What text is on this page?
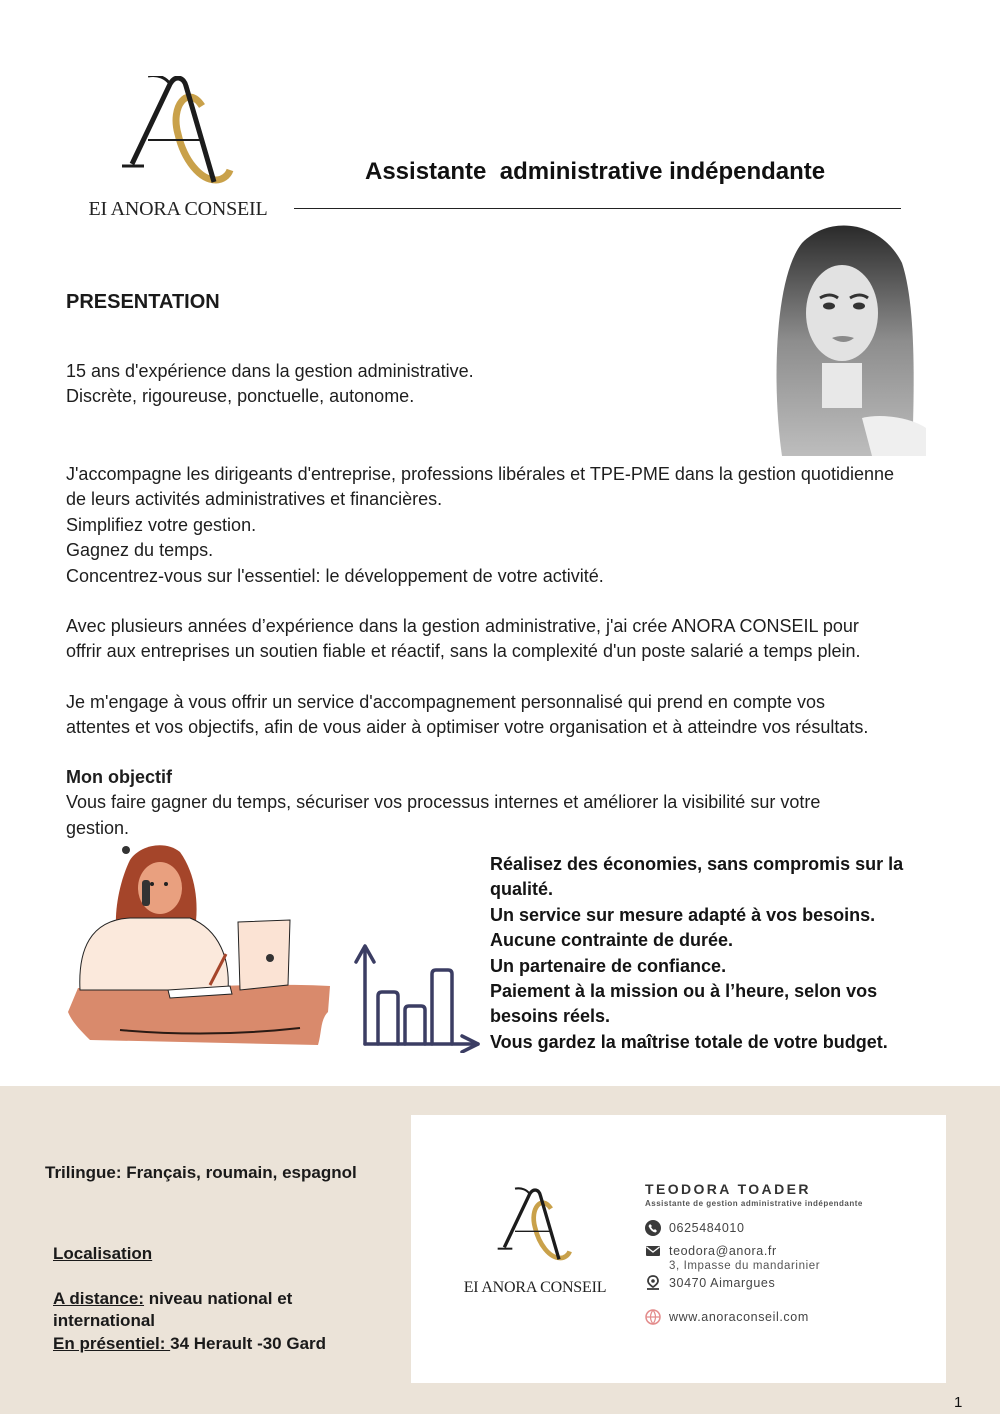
EI ANORA CONSEIL
Assistante  administrative indépendante
PRESENTATION
15 ans d'expérience dans la gestion administrative.
Discrète, rigoureuse, ponctuelle, autonome.
J'accompagne les dirigeants d'entreprise, professions libérales et TPE-PME dans la gestion quotidienne
de leurs activités administratives et financières.
Simplifiez votre gestion.
Gagnez du temps.
Concentrez-vous sur l'essentiel: le développement de votre activité.
Avec plusieurs années d’expérience dans la gestion administrative, j'ai crée ANORA CONSEIL pour
offrir aux entreprises un soutien fiable et réactif, sans la complexité d'un poste salarié a temps plein.
Je m'engage à vous offrir un service d'accompagnement personnalisé qui prend en compte vos
attentes et vos objectifs, afin de vous aider à optimiser votre organisation et à atteindre vos résultats.
Mon objectif
Vous faire gagner du temps, sécuriser vos processus internes et améliorer la visibilité sur votre
gestion.
Réalisez des économies, sans compromis sur la
qualité.
Un service sur mesure adapté à vos besoins.
Aucune contrainte de durée.
Un partenaire de confiance.
Paiement à la mission ou à l’heure, selon vos
besoins réels.
Vous gardez la maîtrise totale de votre budget.
Trilingue: Français, roumain, espagnol
Localisation
A distance: niveau national et
international
En présentiel: 34 Herault -30 Gard
EI ANORA CONSEIL
TEODORA TOADER
Assistante de gestion administrative indépendante
0625484010
teodora@anora.fr
3, Impasse du mandarinier
30470 Aimargues
www.anoraconseil.com
1
